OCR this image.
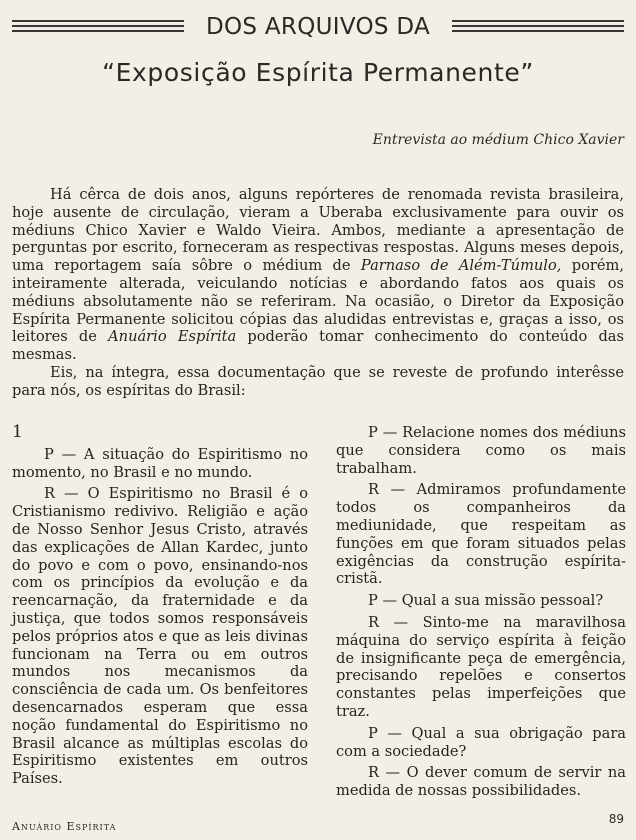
DOS ARQUIVOS DA
“Exposição Espírita Permanente”
Entrevista ao médium Chico Xavier

Há cêrca de dois anos, alguns repórteres de renomada revista brasileira, hoje ausente de circulação, vieram a Uberaba exclusivamente para ouvir os médiuns Chico Xavier e Waldo Vieira. Ambos, mediante a apresentação de perguntas por escrito, forneceram as respectivas respostas. Alguns meses depois, uma reportagem saía sôbre o médium de Parnaso de Além-Túmulo, porém, inteiramente alterada, veiculando notícias e abordando fatos aos quais os médiuns absolutamente não se referiram. Na ocasião, o Diretor da Exposição Espírita Permanente solicitou cópias das aludidas entrevistas e, graças a isso, os leitores de Anuário Espírita poderão tomar conhecimento do conteúdo das mesmas.

Eis, na íntegra, essa documentação que se reveste de profundo interêsse para nós, os espíritas do Brasil:

1

P — A situação do Espiritismo no momento, no Brasil e no mundo.

R — O Espiritismo no Brasil é o Cristianismo redivivo. Religião e ação de Nosso Senhor Jesus Cristo, através das explicações de Allan Kardec, junto do povo e com o povo, ensinando-nos com os princípios da evolução e da reencarnação, da fraternidade e da justiça, que todos somos responsáveis pelos próprios atos e que as leis divinas funcionam na Terra ou em outros mundos nos mecanismos da consciência de cada um. Os benfeitores desencarnados esperam que essa noção fundamental do Espiritismo no Brasil alcance as múltiplas escolas do Espiritismo existentes em outros Países.

P — Relacione nomes dos médiuns que considera como os mais trabalham.

R — Admiramos profundamente todos os companheiros da mediunidade, que respeitam as funções em que foram situados pelas exigências da construção espírita-cristã.

P — Qual a sua missão pessoal?

R — Sinto-me na maravilhosa máquina do serviço espírita à feição de insignificante peça de emergência, precisando repelões e consertos constantes pelas imperfeições que traz.

P — Qual a sua obrigação para com a sociedade?

R — O dever comum de servir na medida de nossas possibilidades.

Anuário Espírita
89
